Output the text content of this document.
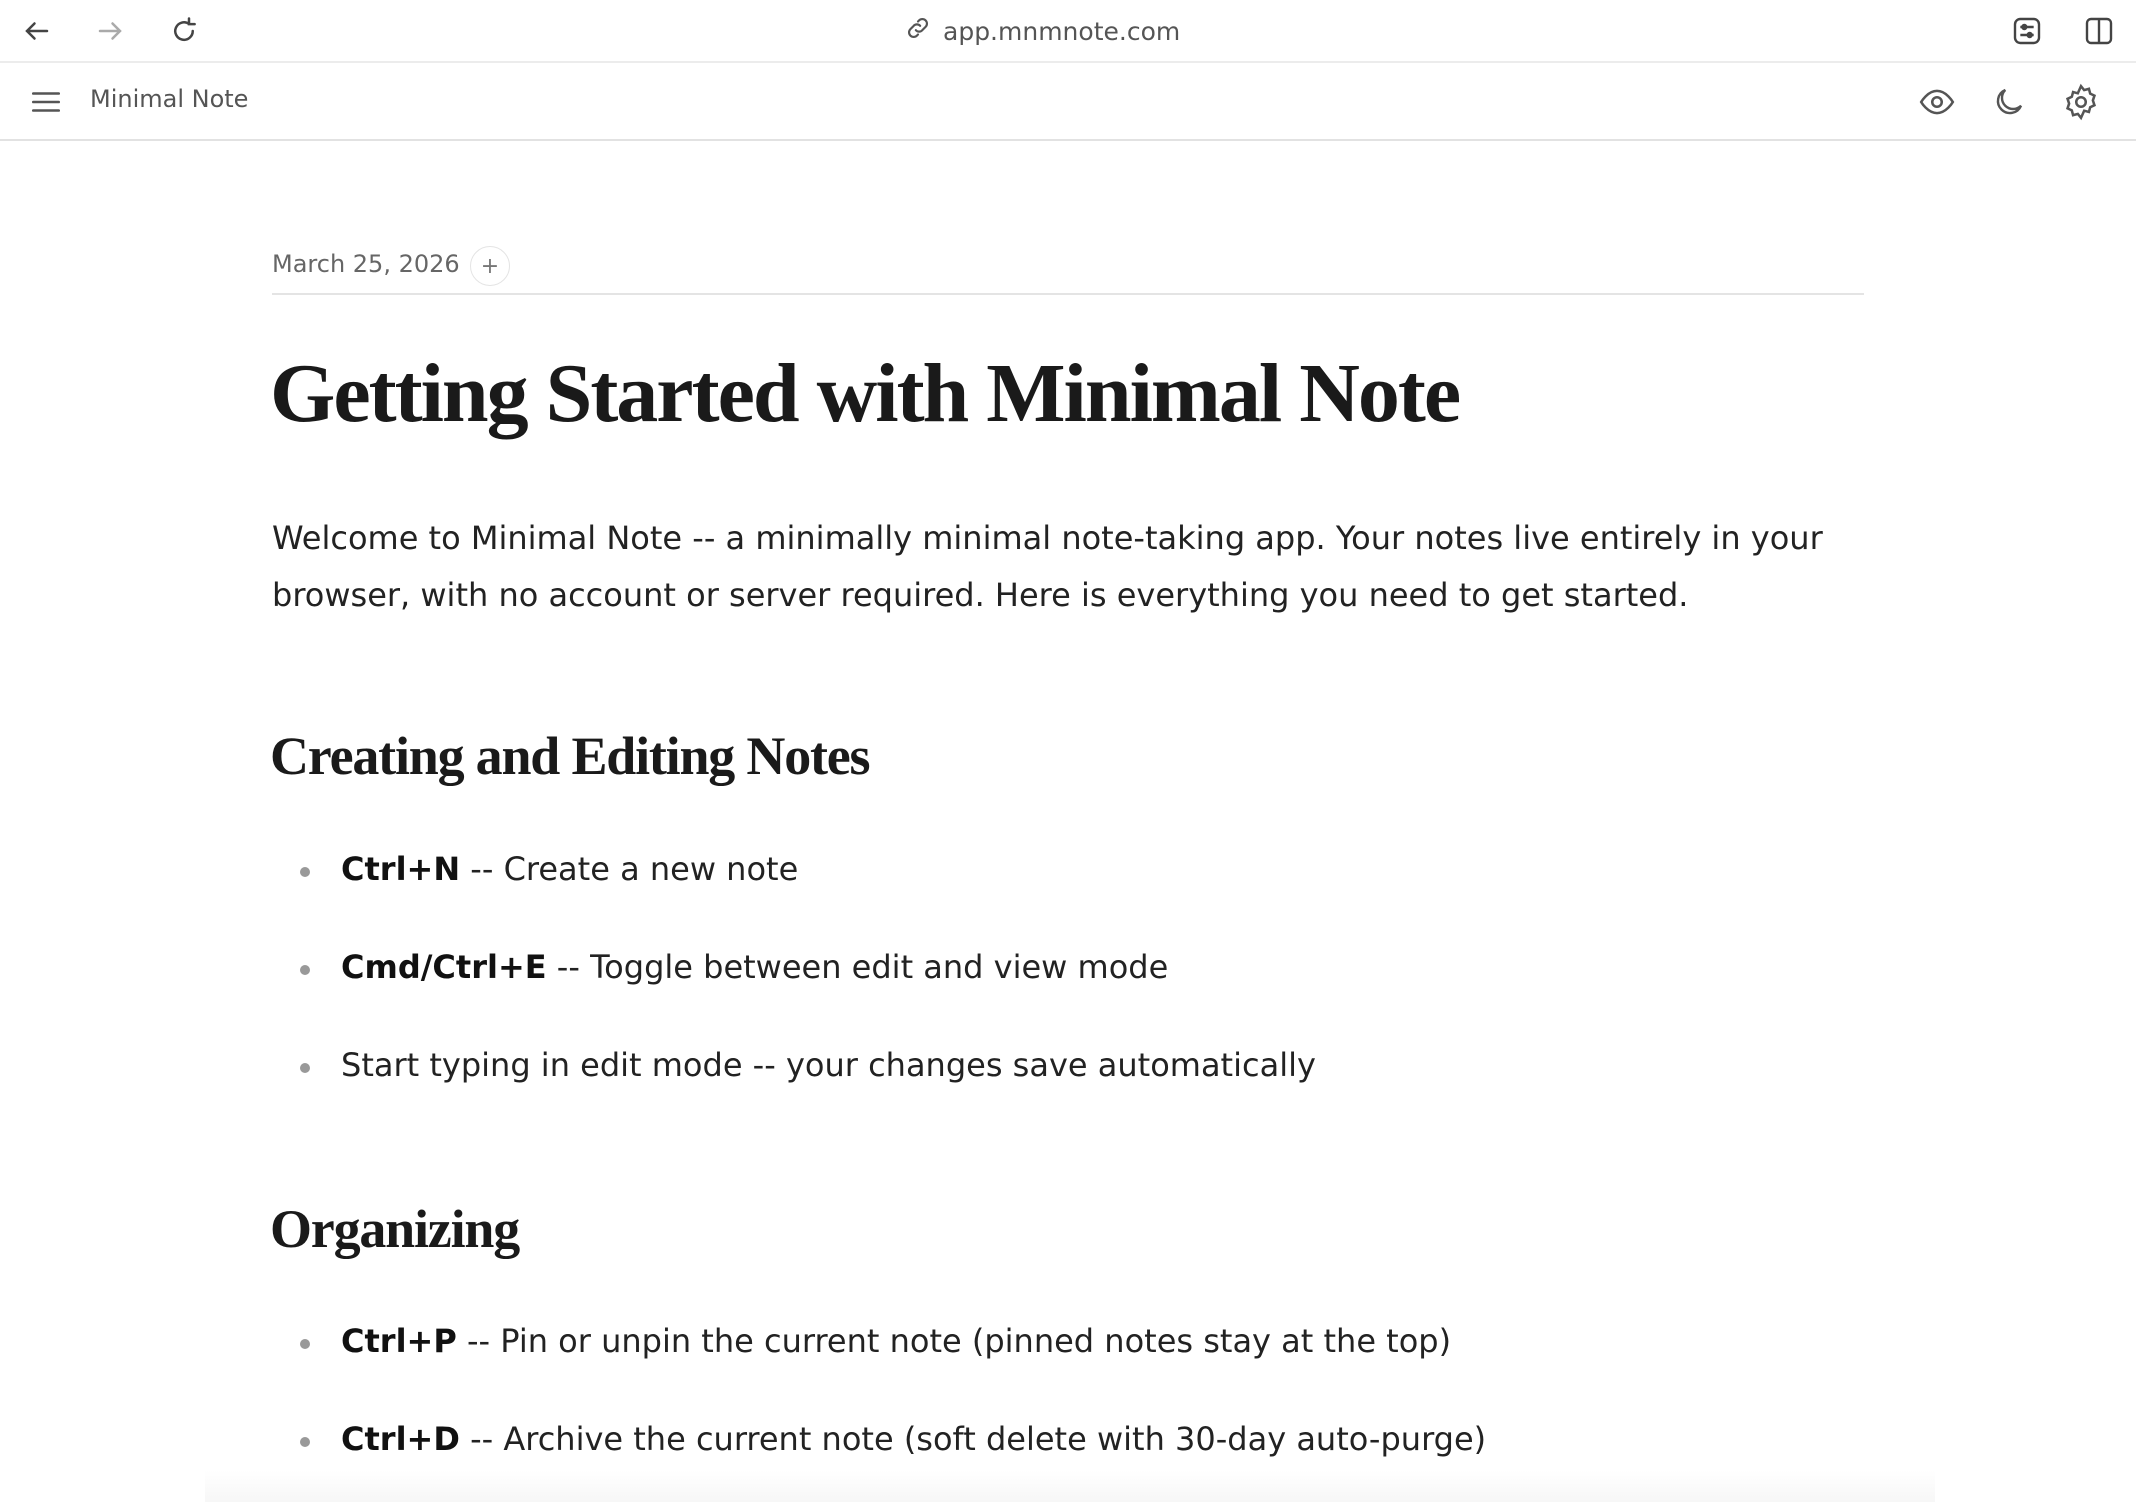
app.mnmnote.com
Minimal Note
March 25, 2026 +
Getting Started with Minimal Note

Welcome to Minimal Note -- a minimally minimal note-taking app. Your notes live entirely in your browser, with no account or server required. Here is everything you need to get started.

Creating and Editing Notes
Ctrl+N -- Create a new note
Cmd/Ctrl+E -- Toggle between edit and view mode
Start typing in edit mode -- your changes save automatically
Organizing
Ctrl+P -- Pin or unpin the current note (pinned notes stay at the top)
Ctrl+D -- Archive the current note (soft delete with 30-day auto-purge)
